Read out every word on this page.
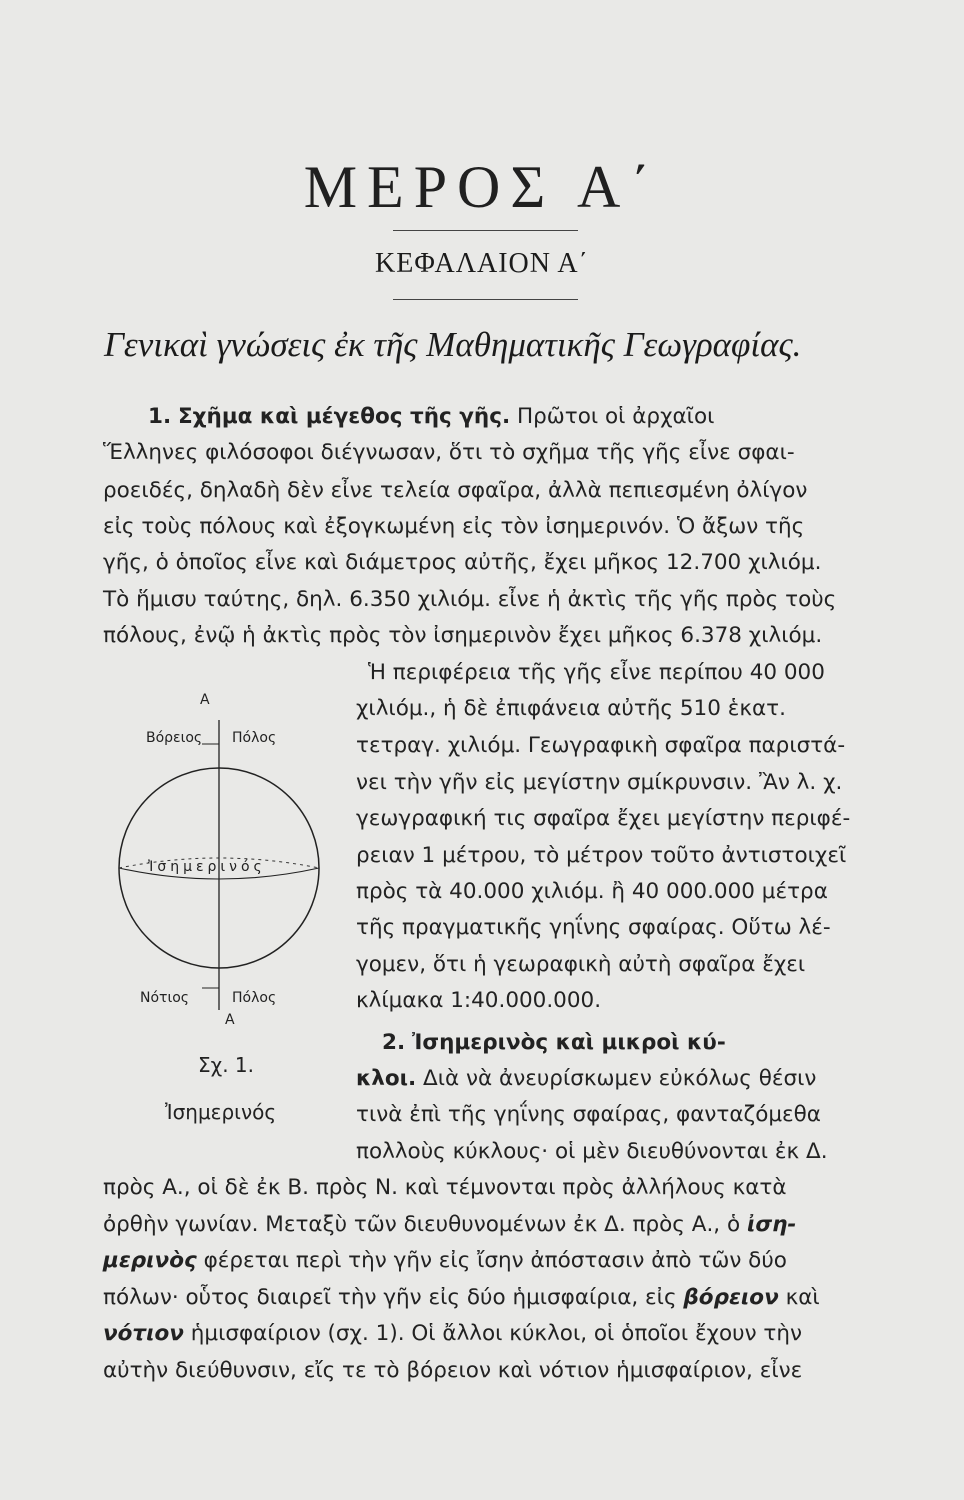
ΜΕΡΟΣ Α΄
ΚΕΦΑΛΑΙΟΝ Α΄
Γενικαὶ γνώσεις ἐκ τῆς Μαθηματικῆς Γεωγραφίας.
1. Σχῆμα καὶ μέγεθος τῆς γῆς. Πρῶτοι οἱ ἀρχαῖοι
Ἕλληνες φιλόσοφοι διέγνωσαν, ὅτι τὸ σχῆμα τῆς γῆς εἶνε σφαι-
ροειδές, δηλαδὴ δὲν εἶνε τελεία σφαῖρα, ἀλλὰ πεπιεσμένη ὀλίγον
εἰς τοὺς πόλους καὶ ἐξογκωμένη εἰς τὸν ἰσημερινόν. Ὁ ἄξων τῆς
γῆς, ὁ ὁποῖος εἶνε καὶ διάμετρος αὐτῆς, ἔχει μῆκος 12.700 χιλιόμ.
Τὸ ἥμισυ ταύτης, δηλ. 6.350 χιλιόμ. εἶνε ἡ ἀκτὶς τῆς γῆς πρὸς τοὺς
πόλους, ἐνῷ ἡ ἀκτὶς πρὸς τὸν ἰσημερινὸν ἔχει μῆκος 6.378 χιλιόμ.
Ἡ περιφέρεια τῆς γῆς εἶνε περίπου 40 000
χιλιόμ., ἡ δὲ ἐπιφάνεια αὐτῆς 510 ἑκατ.
τετραγ. χιλιόμ. Γεωγραφικὴ σφαῖρα παριστά-
νει τὴν γῆν εἰς μεγίστην σμίκρυνσιν. Ἂν λ. χ.
γεωγραφική τις σφαῖρα ἔχει μεγίστην περιφέ-
ρειαν 1 μέτρου, τὸ μέτρον τοῦτο ἀντιστοιχεῖ
πρὸς τὰ 40.000 χιλιόμ. ἢ 40 000.000 μέτρα
τῆς πραγματικῆς γηΐνης σφαίρας. Οὕτω λέ-
γομεν, ὅτι ἡ γεωραφικὴ αὐτὴ σφαῖρα ἔχει
κλίμακα 1:40.000.000.
Α
Βόρειος Πόλος
Ἰσημερινός
Νότιος	Πόλος
Α
Σχ. 1.
Ἰσημερινός
2. Ἰσημερινὸς καὶ μικροὶ κύ-
κλοι. Διὰ νὰ ἀνευρίσκωμεν εὐκόλως θέσιν
τινὰ ἐπὶ τῆς γηΐνης σφαίρας, φανταζόμεθα
πολλοὺς κύκλους· οἱ μὲν διευθύνονται ἐκ Δ.
πρὸς Α., οἱ δὲ ἐκ Β. πρὸς Ν. καὶ τέμνονται πρὸς ἀλλήλους κατὰ
ὀρθὴν γωνίαν. Μεταξὺ τῶν διευθυνομένων ἐκ Δ. πρὸς Α., ὁ ἰση-
μερινὸς φέρεται περὶ τὴν γῆν εἰς ἴσην ἀπόστασιν ἀπὸ τῶν δύο
πόλων· οὗτος διαιρεῖ τὴν γῆν εἰς δύο ἡμισφαίρια, εἰς βόρειον καὶ
νότιον ἡμισφαίριον (σχ. 1). Οἱ ἄλλοι κύκλοι, οἱ ὁποῖοι ἔχουν τὴν
αὐτὴν διεύθυνσιν, εἴς τε τὸ βόρειον καὶ νότιον ἡμισφαίριον, εἶνε
